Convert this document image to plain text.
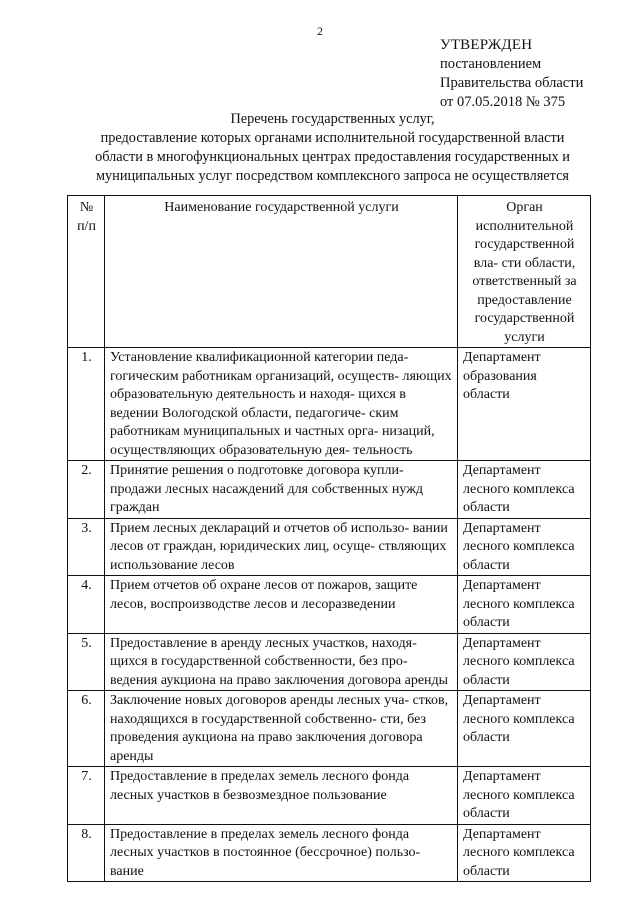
2
УТВЕРЖДЕН
постановлением
Правительства области
от 07.05.2018 № 375
Перечень государственных услуг,
предоставление которых органами исполнительной государственной власти
области в многофункциональных центрах предоставления государственных и
муниципальных услуг посредством комплексного запроса не осуществляется
№
п/п	Наименование государственной услуги	Орган исполнительной государственной вла- сти области, ответственный за предоставление государственной услуги
1.	Установление квалификационной категории педа- гогическим работникам организаций, осуществ- ляющих образовательную деятельность и находя- щихся в ведении Вологодской области, педагогиче- ским работникам муниципальных и частных орга- низаций, осуществляющих образовательную дея- тельность	Департамент образования области
2.	Принятие решения о подготовке договора купли- продажи лесных насаждений для собственных нужд граждан	Департамент лесного комплекса области
3.	Прием лесных деклараций и отчетов об использо- вании лесов от граждан, юридических лиц, осуще- ствляющих использование лесов	Департамент лесного комплекса области
4.	Прием отчетов об охране лесов от пожаров, защите лесов, воспроизводстве лесов и лесоразведении	Департамент лесного комплекса области
5.	Предоставление в аренду лесных участков, находя- щихся в государственной собственности, без про- ведения аукциона на право заключения договора аренды	Департамент лесного комплекса области
6.	Заключение новых договоров аренды лесных уча- стков, находящихся в государственной собственно- сти, без проведения аукциона на право заключения договора аренды	Департамент лесного комплекса области
7.	Предоставление в пределах земель лесного фонда лесных участков в безвозмездное пользование	Департамент лесного комплекса области
8.	Предоставление в пределах земель лесного фонда лесных участков в постоянное (бессрочное) пользо- вание	Департамент лесного комплекса области
